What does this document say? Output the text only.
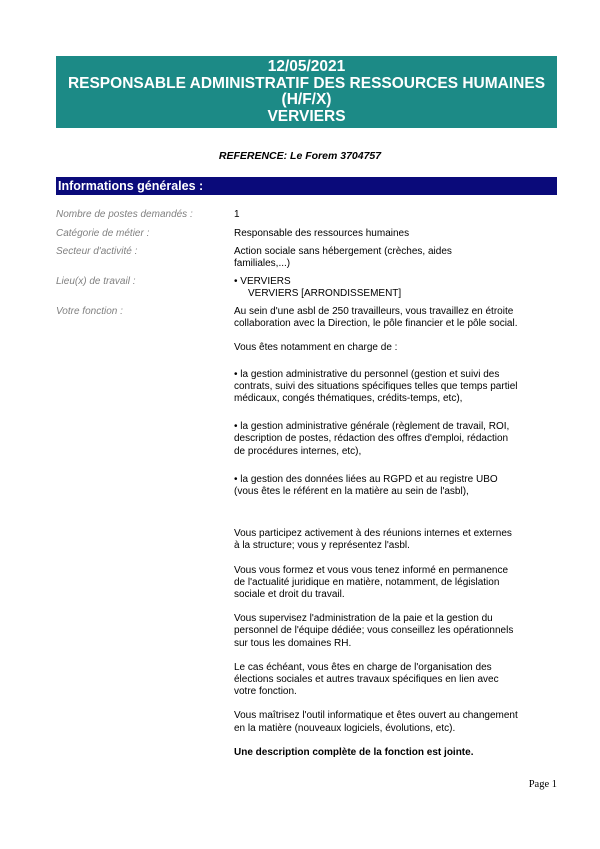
12/05/2021
RESPONSABLE ADMINISTRATIF DES RESSOURCES HUMAINES
(H/F/X)
VERVIERS
REFERENCE: Le Forem 3704757
Informations générales :
Nombre de postes demandés :	1
Catégorie de métier :	Responsable des ressources humaines
Secteur d'activité :	Action sociale sans hébergement (crèches, aides
familiales,...)
Lieu(x) de travail :	• VERVIERS
VERVIERS [ARRONDISSEMENT]
Votre fonction :	Au sein d'une asbl de 250 travailleurs, vous travaillez en étroite collaboration avec la Direction, le pôle financier et le pôle social.

Vous êtes notamment en charge de :

• la gestion administrative du personnel (gestion et suivi des contrats, suivi des situations spécifiques telles que temps partiel médicaux, congés thématiques, crédits-temps, etc),

• la gestion administrative générale (règlement de travail, ROI, description de postes, rédaction des offres d'emploi, rédaction de procédures internes, etc),

• la gestion des données liées au RGPD et au registre UBO (vous êtes le référent en la matière au sein de l'asbl),

Vous participez activement à des réunions internes et externes à la structure; vous y représentez l'asbl.

Vous vous formez et vous vous tenez informé en permanence de l'actualité juridique en matière, notamment, de législation sociale et droit du travail.

Vous supervisez l'administration de la paie et la gestion du personnel de l'équipe dédiée; vous conseillez les opérationnels sur tous les domaines RH.

Le cas échéant, vous êtes en charge de l'organisation des élections sociales et autres travaux spécifiques en lien avec votre fonction.

Vous maîtrisez l'outil informatique et êtes ouvert au changement en la matière (nouveaux logiciels, évolutions, etc).

Une description complète de la fonction est jointe.

Page 1
